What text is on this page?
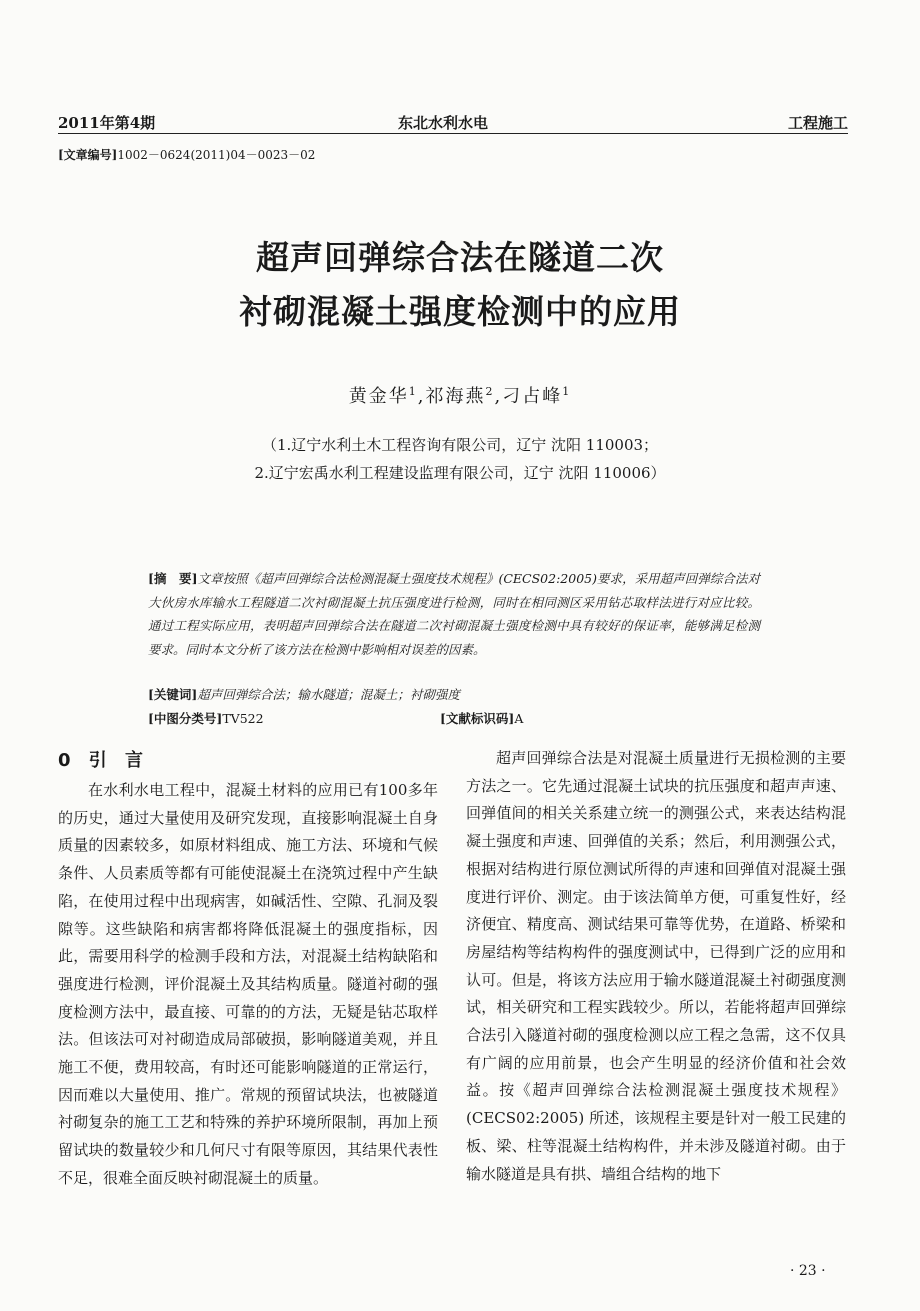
2011年第4期	东北水利水电	工程施工
[文章编号]1002－0624(2011)04－0023－02
超声回弹综合法在隧道二次
衬砌混凝土强度检测中的应用
黄金华$^1$,祁海燕$^2$,刁占峰$^1$
（1.辽宁水利土木工程咨询有限公司，辽宁 沈阳 110003；
2.辽宁宏禹水利工程建设监理有限公司，辽宁 沈阳 110006）
[摘　要]文章按照《超声回弹综合法检测混凝土强度技术规程》(CECS02:2005)要求，采用超声回弹综合法对大伙房水库输水工程隧道二次衬砌混凝土抗压强度进行检测，同时在相同测区采用钻芯取样法进行对应比较。通过工程实际应用，表明超声回弹综合法在隧道二次衬砌混凝土强度检测中具有较好的保证率，能够满足检测要求。同时本文分析了该方法在检测中影响相对误差的因素。
[关键词]超声回弹综合法；输水隧道；混凝土；衬砌强度
[中图分类号]TV522	[文献标识码]A
0 引 言

在水利水电工程中，混凝土材料的应用已有100多年的历史，通过大量使用及研究发现，直接影响混凝土自身质量的因素较多，如原材料组成、施工方法、环境和气候条件、人员素质等都有可能使混凝土在浇筑过程中产生缺陷，在使用过程中出现病害，如碱活性、空隙、孔洞及裂隙等。这些缺陷和病害都将降低混凝土的强度指标，因此，需要用科学的检测手段和方法，对混凝土结构缺陷和强度进行检测，评价混凝土及其结构质量。隧道衬砌的强度检测方法中，最直接、可靠的的方法，无疑是钻芯取样法。但该法可对衬砌造成局部破损，影响隧道美观，并且施工不便，费用较高，有时还可能影响隧道的正常运行，因而难以大量使用、推广。常规的预留试块法，也被隧道衬砌复杂的施工工艺和特殊的养护环境所限制，再加上预留试块的数量较少和几何尺寸有限等原因，其结果代表性不足，很难全面反映衬砌混凝土的质量。

超声回弹综合法是对混凝土质量进行无损检测的主要方法之一。它先通过混凝土试块的抗压强度和超声声速、回弹值间的相关关系建立统一的测强公式，来表达结构混凝土强度和声速、回弹值的关系；然后，利用测强公式，根据对结构进行原位测试所得的声速和回弹值对混凝土强度进行评价、测定。由于该法简单方便，可重复性好，经济便宜、精度高、测试结果可靠等优势，在道路、桥梁和房屋结构等结构构件的强度测试中，已得到广泛的应用和认可。但是，将该方法应用于输水隧道混凝土衬砌强度测试，相关研究和工程实践较少。所以，若能将超声回弹综合法引入隧道衬砌的强度检测以应工程之急需，这不仅具有广阔的应用前景，也会产生明显的经济价值和社会效益。按《超声回弹综合法检测混凝土强度技术规程》(CECS02:2005) 所述，该规程主要是针对一般工民建的板、梁、柱等混凝土结构构件，并未涉及隧道衬砌。由于输水隧道是具有拱、墙组合结构的地下

· 23 ·
